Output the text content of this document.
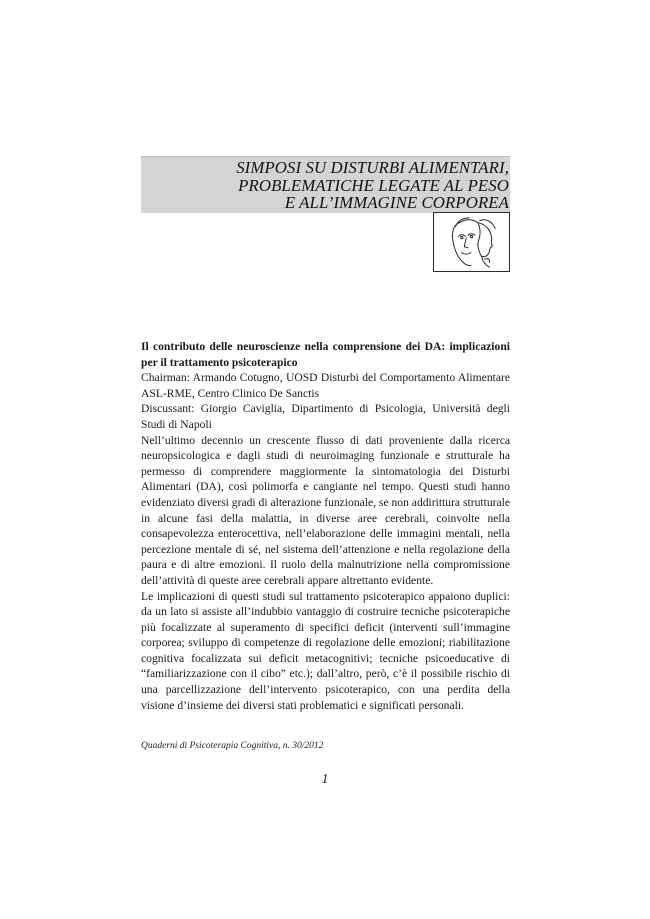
SIMPOSI SU DISTURBI ALIMENTARI,
PROBLEMATICHE LEGATE AL PESO
E ALL’IMMAGINE CORPOREA

Il contributo delle neuroscienze nella comprensione dei DA: implicazioni per il trattamento psicoterapico

Chairman: Armando Cotugno, UOSD Disturbi del Comportamento Alimentare ASL-RME, Centro Clinico De Sanctis

Discussant: Giorgio Caviglia, Dipartimento di Psicologia, Università degli Studi di Napoli

Nell’ultimo decennio un crescente flusso di dati proveniente dalla ricerca neuropsicologica e dagli studi di neuroimaging funzionale e strutturale ha permesso di comprendere maggiormente la sintomatologia dei Disturbi Alimentari (DA), così polimorfa e cangiante nel tempo. Questi studi hanno evidenziato diversi gradi di alterazione funzionale, se non addirittura strutturale in alcune fasi della malattia, in diverse aree cerebrali, coinvolte nella consapevolezza enterocettiva, nell’elaborazione delle immagini mentali, nella percezione mentale di sé, nel sistema dell’attenzione e nella regolazione della paura e di altre emozioni. Il ruolo della malnutrizione nella compromissione dell’attività di queste aree cerebrali appare altrettanto evidente.

Le implicazioni di questi studi sul trattamento psicoterapico appaiono duplici: da un lato si assiste all’indubbio vantaggio di costruire tecniche psicoterapiche più focalizzate al superamento di specifici deficit (interventi sull’immagine corporea; sviluppo di competenze di regolazione delle emozioni; riabilitazione cognitiva focalizzata sui deficit metacognitivi; tecniche psicoeducative di “familiarizzazione con il cibo” etc.); dall’altro, però, c’è il possibile rischio di una parcellizzazione dell’intervento psicoterapico, con una perdita della visione d’insieme dei diversi stati problematici e significati personali.

Quaderni di Psicoterapia Cognitiva, n. 30/2012
1
